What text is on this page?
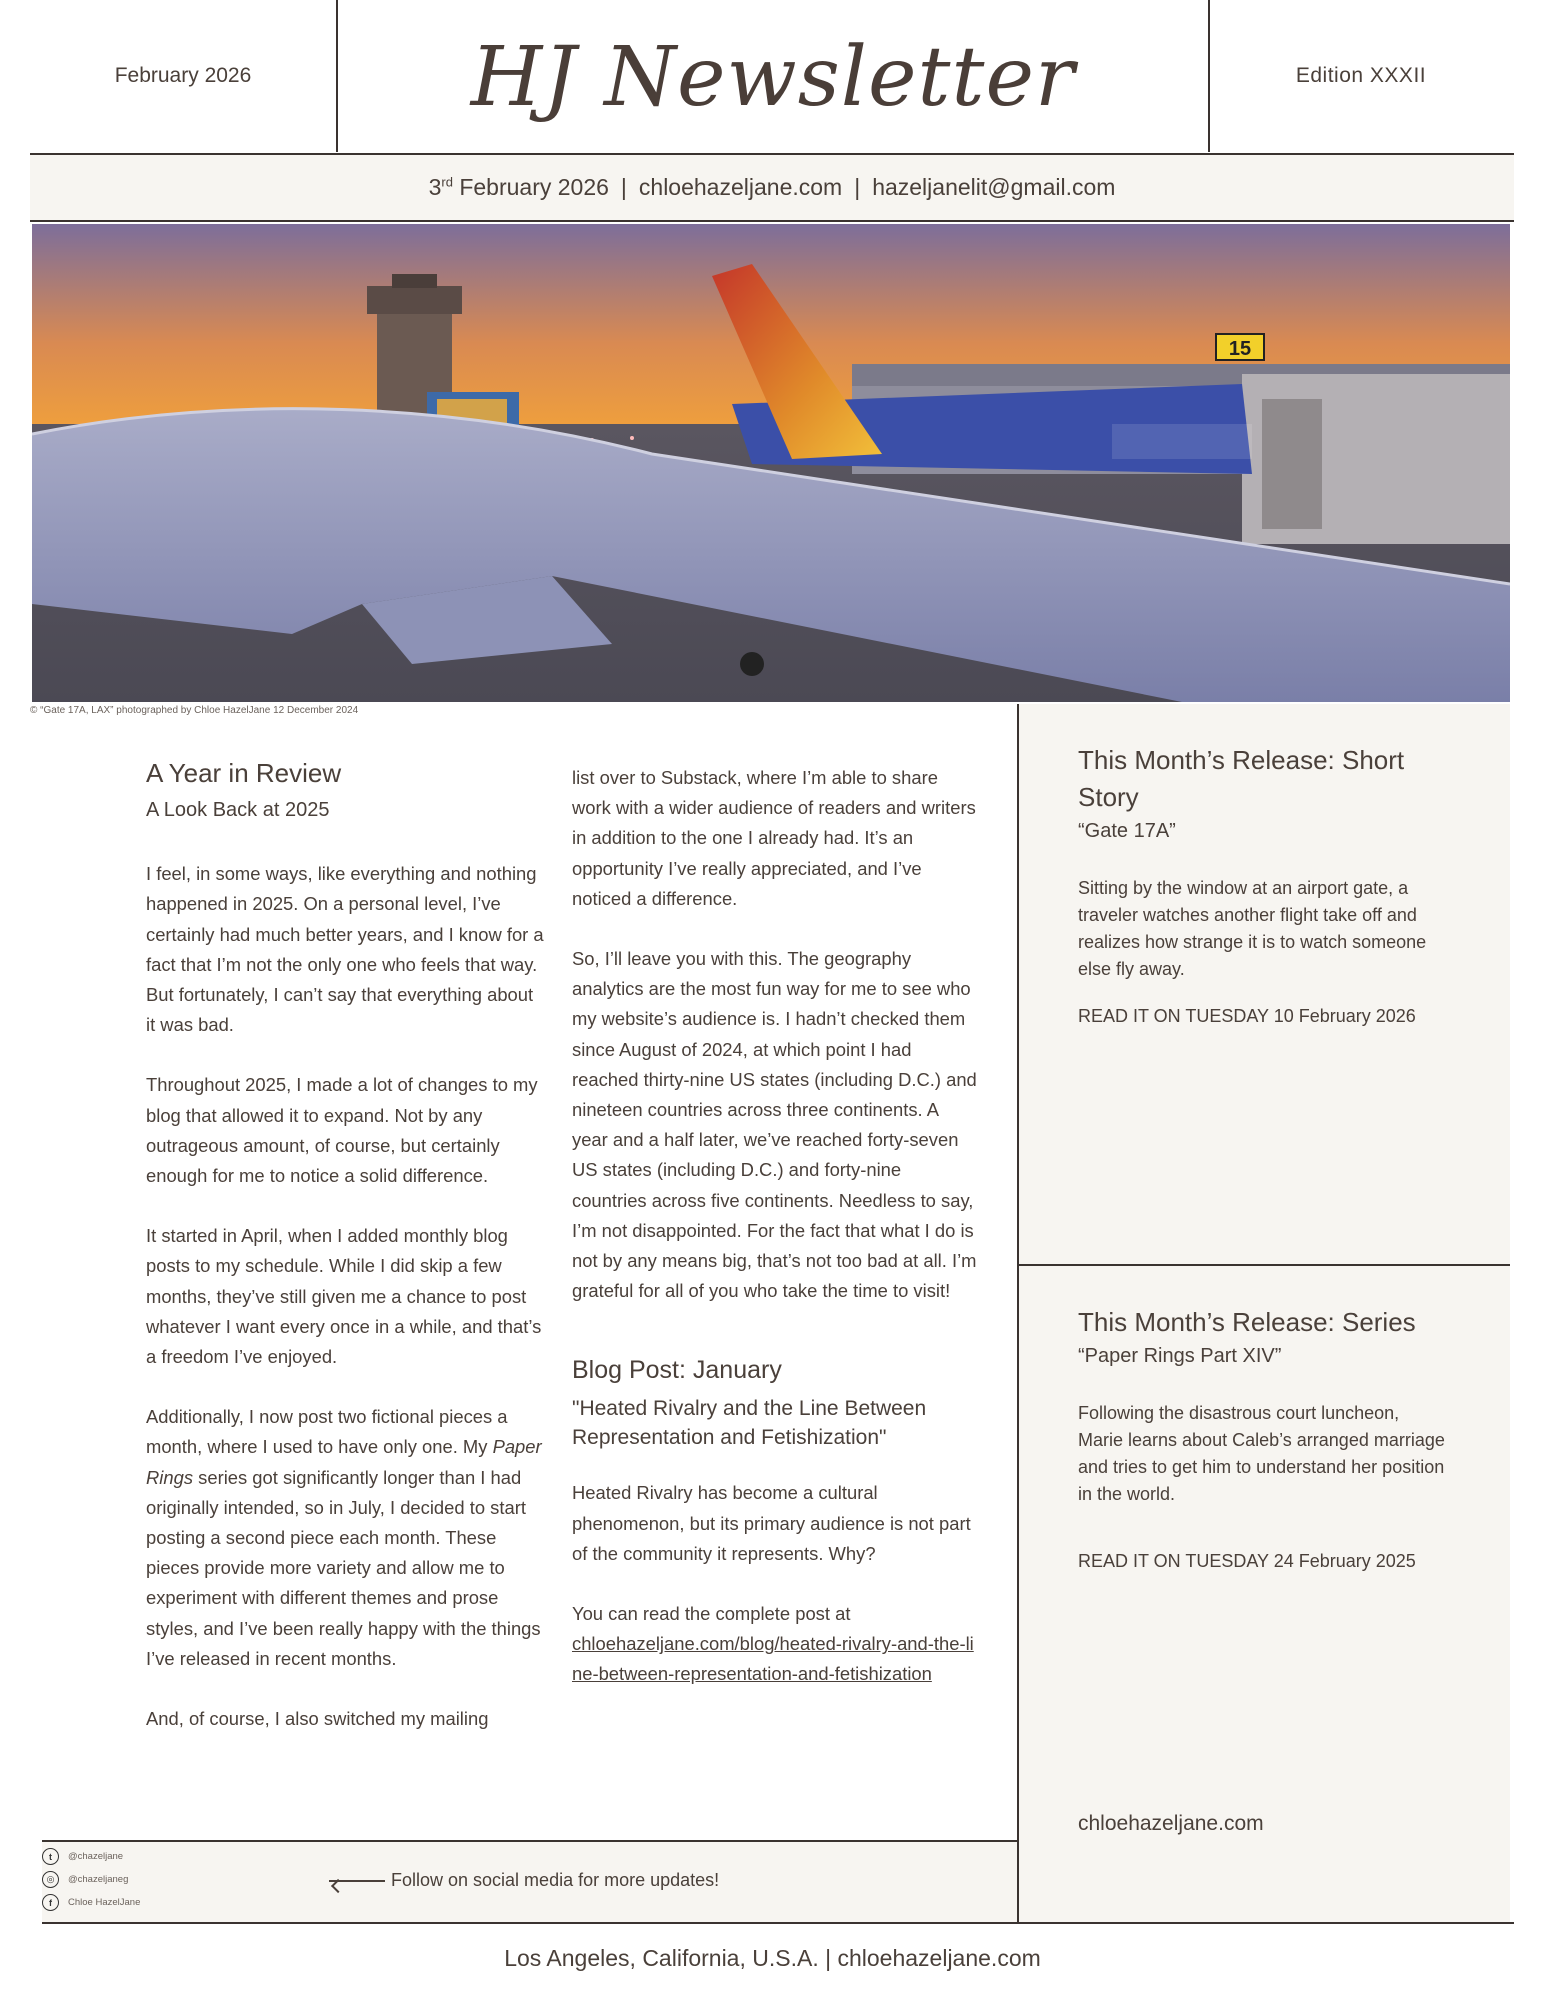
February 2026	HJ Newsletter	Edition XXXII
3rd February 2026 | chloehazeljane.com | hazeljanelit@gmail.com
15
© “Gate 17A, LAX” photographed by Chloe HazelJane 12 December 2024
A Year in Review
A Look Back at 2025

I feel, in some ways, like everything and nothing happened in 2025. On a personal level, I’ve certainly had much better years, and I know for a fact that I’m not the only one who feels that way. But fortunately, I can’t say that everything about it was bad.

Throughout 2025, I made a lot of changes to my blog that allowed it to expand. Not by any outrageous amount, of course, but certainly enough for me to notice a solid difference.

It started in April, when I added monthly blog posts to my schedule. While I did skip a few months, they’ve still given me a chance to post whatever I want every once in a while, and that’s a freedom I’ve enjoyed.

Additionally, I now post two fictional pieces a month, where I used to have only one. My Paper Rings series got significantly longer than I had originally intended, so in July, I decided to start posting a second piece each month. These pieces provide more variety and allow me to experiment with different themes and prose styles, and I’ve been really happy with the things I’ve released in recent months.

And, of course, I also switched my mailing

list over to Substack, where I’m able to share work with a wider audience of readers and writers in addition to the one I already had. It’s an opportunity I’ve really appreciated, and I’ve noticed a difference.

So, I’ll leave you with this. The geography analytics are the most fun way for me to see who my website’s audience is. I hadn’t checked them since August of 2024, at which point I had reached thirty-nine US states (including D.C.) and nineteen countries across three continents. A year and a half later, we’ve reached forty-seven US states (including D.C.) and forty-nine countries across five continents. Needless to say, I’m not disappointed. For the fact that what I do is not by any means big, that’s not too bad at all. I’m grateful for all of you who take the time to visit!

Blog Post: January
"Heated Rivalry and the Line Between Representation and Fetishization"

Heated Rivalry has become a cultural phenomenon, but its primary audience is not part of the community it represents. Why?

You can read the complete post at
chloehazeljane.com/blog/heated-rivalry-and-the-line-between-representation-and-fetishization
This Month’s Release: Short Story
“Gate 17A”
Sitting by the window at an airport gate, a traveler watches another flight take off and realizes how strange it is to watch someone else fly away.
READ IT ON TUESDAY 10 February 2026
This Month’s Release: Series
“Paper Rings Part XIV”
Following the disastrous court luncheon, Marie learns about Caleb’s arranged marriage and tries to get him to understand her position in the world.
READ IT ON TUESDAY 24 February 2025
chloehazeljane.com
t	@chazeljane
◎	@chazeljaneg
f	Chloe HazelJane
Follow on social media for more updates!
Los Angeles, California, U.S.A. | chloehazeljane.com
